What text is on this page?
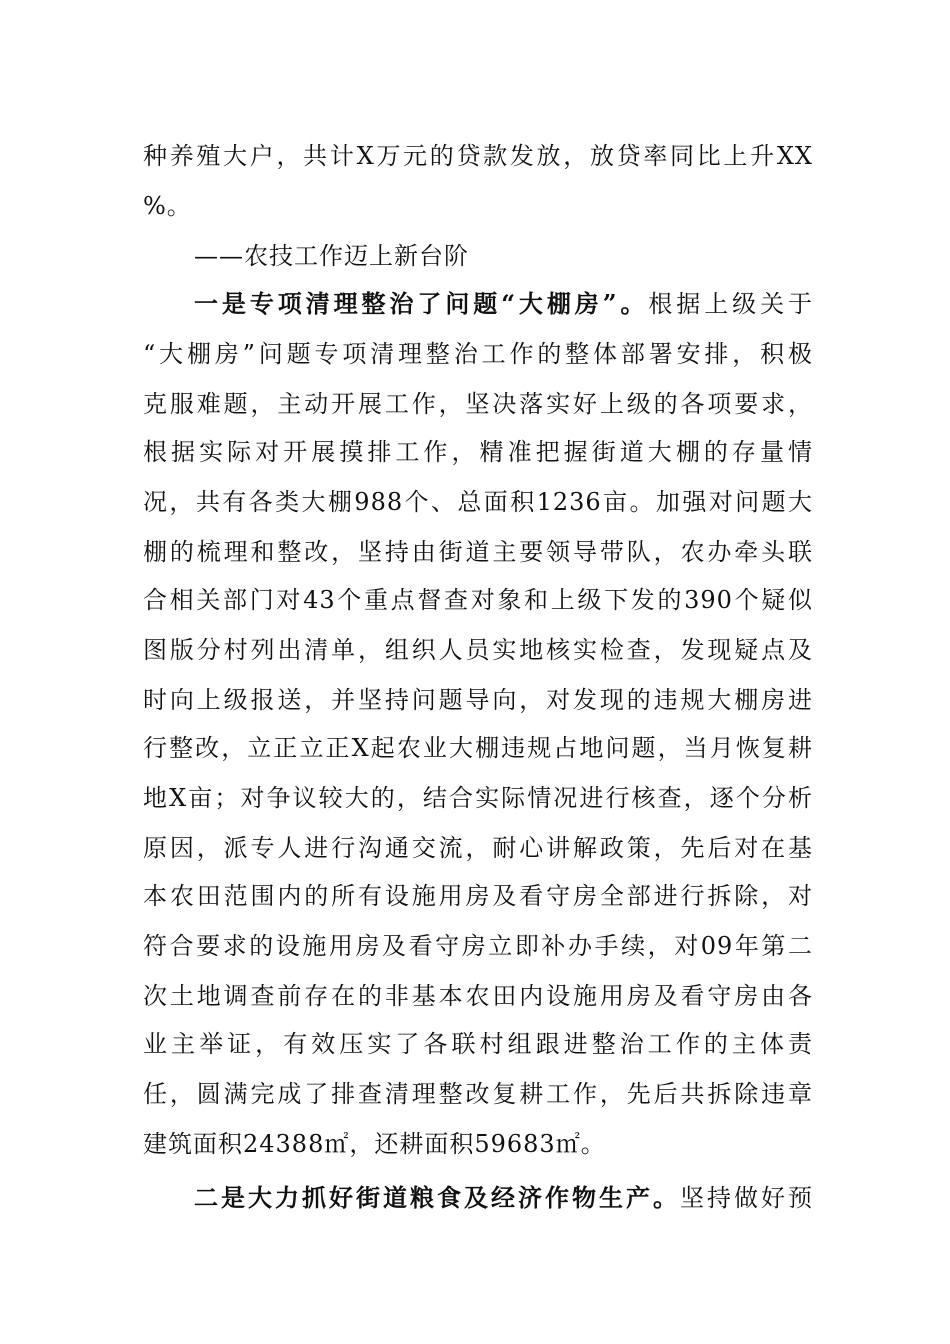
种养殖大户，共计X万元的贷款发放，放贷率同比上升XX
%。
——农技工作迈上新台阶
一是专项清理整治了问题“大棚房”。根据上级关于
“大棚房”问题专项清理整治工作的整体部署安排，积极
克服难题，主动开展工作，坚决落实好上级的各项要求，
根据实际对开展摸排工作，精准把握街道大棚的存量情
况，共有各类大棚988个、总面积1236亩。加强对问题大
棚的梳理和整改，坚持由街道主要领导带队，农办牵头联
合相关部门对43个重点督查对象和上级下发的390个疑似
图版分村列出清单，组织人员实地核实检查，发现疑点及
时向上级报送，并坚持问题导向，对发现的违规大棚房进
行整改，立正立正X起农业大棚违规占地问题，当月恢复耕
地X亩；对争议较大的，结合实际情况进行核查，逐个分析
原因，派专人进行沟通交流，耐心讲解政策，先后对在基
本农田范围内的所有设施用房及看守房全部进行拆除，对
符合要求的设施用房及看守房立即补办手续，对09年第二
次土地调查前存在的非基本农田内设施用房及看守房由各
业主举证，有效压实了各联村组跟进整治工作的主体责
任，圆满完成了排查清理整改复耕工作，先后共拆除违章
建筑面积24388㎡，还耕面积59683㎡。
二是大力抓好街道粮食及经济作物生产。坚持做好预
